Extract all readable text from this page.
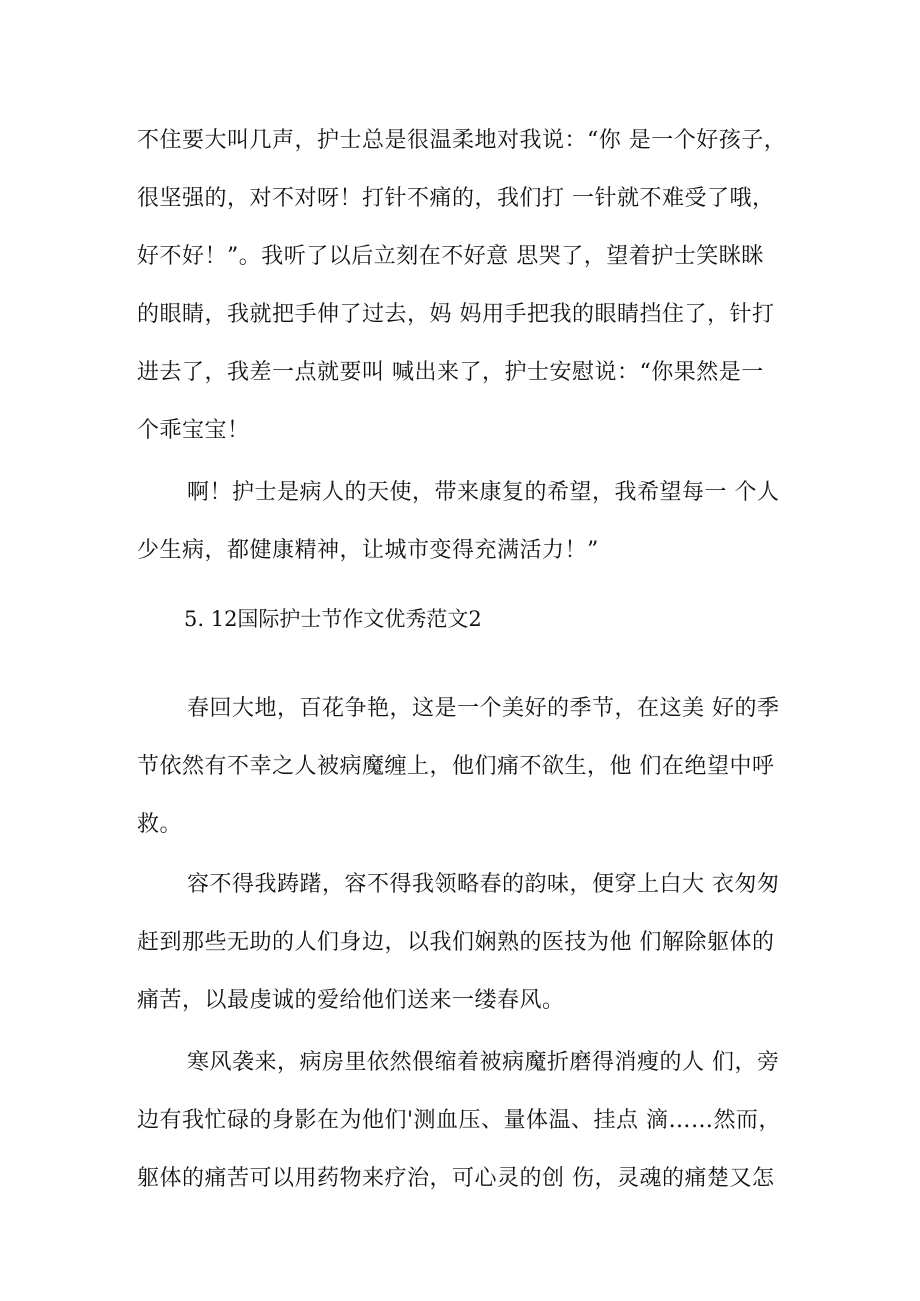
不住要大叫几声，护士总是很温柔地对我说：“你 是一个好孩子，
很坚强的，对不对呀！打针不痛的，我们打 一针就不难受了哦，
好不好！”。我听了以后立刻在不好意 思哭了，望着护士笑眯眯
的眼睛，我就把手伸了过去，妈 妈用手把我的眼睛挡住了，针打
进去了，我差一点就要叫 喊出来了，护士安慰说：“你果然是一
个乖宝宝！
啊！护士是病人的天使，带来康复的希望，我希望每一 个人
少生病，都健康精神，让城市变得充满活力！”
5. 12国际护士节作文优秀范文2
春回大地，百花争艳，这是一个美好的季节，在这美 好的季
节依然有不幸之人被病魔缠上，他们痛不欲生，他 们在绝望中呼
救。
容不得我踌躇，容不得我领略春的韵味，便穿上白大 衣匆匆
赶到那些无助的人们身边，以我们娴熟的医技为他 们解除躯体的
痛苦，以最虔诚的爱给他们送来一缕春风。
寒风袭来，病房里依然偎缩着被病魔折磨得消瘦的人 们，旁
边有我忙碌的身影在为他们'测血压、量体温、挂点 滴……然而，
躯体的痛苦可以用药物来疗治，可心灵的创 伤，灵魂的痛楚又怎
